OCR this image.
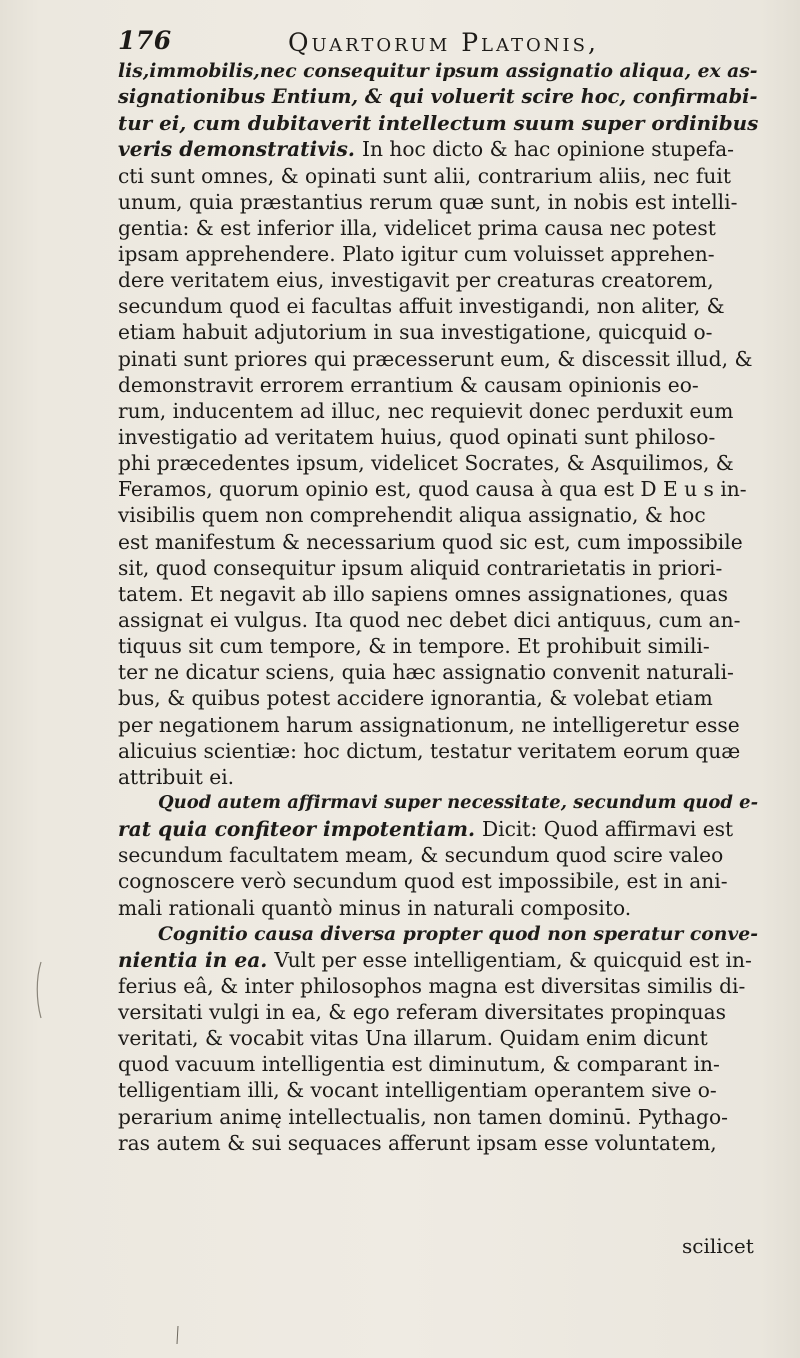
176	Quartorum Platonis,
lis,immobilis,nec consequitur ipsum assignatio aliqua, ex as-
signationibus Entium, & qui voluerit scire hoc, confirmabi-
tur ei, cum dubitaverit intellectum suum super ordinibus
veris demonstrativis. In hoc dicto & hac opinione stupefa-
cti sunt omnes, & opinati sunt alii, contrarium aliis, nec fuit
unum, quia præstantius rerum quæ sunt, in nobis est intelli-
gentia: & est inferior illa, videlicet prima causa nec potest
ipsam apprehendere. Plato igitur cum voluisset apprehen-
dere veritatem eius, investigavit per creaturas creatorem,
secundum quod ei facultas affuit investigandi, non aliter, &
etiam habuit adjutorium in sua investigatione, quicquid o-
pinati sunt priores qui præcesserunt eum, & discessit illud, &
demonstravit errorem errantium & causam opinionis eo-
rum, inducentem ad illuc, nec requievit donec perduxit eum
investigatio ad veritatem huius, quod opinati sunt philoso-
phi præcedentes ipsum, videlicet Socrates, & Asquilimos, &
Feramos, quorum opinio est, quod causa à qua est D E u s in-
visibilis quem non comprehendit aliqua assignatio, & hoc
est manifestum & necessarium quod sic est, cum impossibile
sit, quod consequitur ipsum aliquid contrarietatis in priori-
tatem. Et negavit ab illo sapiens omnes assignationes, quas
assignat ei vulgus. Ita quod nec debet dici antiquus, cum an-
tiquus sit cum tempore, & in tempore. Et prohibuit simili-
ter ne dicatur sciens, quia hæc assignatio convenit naturali-
bus, & quibus potest accidere ignorantia, & volebat etiam
per negationem harum assignationum, ne intelligeretur esse
alicuius scientiæ: hoc dictum, testatur veritatem eorum quæ
attribuit ei.
Quod autem affirmavi super necessitate, secundum quod e-
rat quia confiteor impotentiam. Dicit: Quod affirmavi est
secundum facultatem meam, & secundum quod scire valeo
cognoscere verò secundum quod est impossibile, est in ani-
mali rationali quantò minus in naturali composito.
Cognitio causa diversa propter quod non speratur conve-
nientia in ea. Vult per esse intelligentiam, & quicquid est in-
ferius eâ, & inter philosophos magna est diversitas similis di-
versitati vulgi in ea, & ego referam diversitates propinquas
veritati, & vocabit vitas Una illarum. Quidam enim dicunt
quod vacuum intelligentia est diminutum, & comparant in-
telligentiam illi, & vocant intelligentiam operantem sive o-
perarium animę intellectualis, non tamen dominū. Pythago-
ras autem & sui sequaces afferunt ipsam esse voluntatem,
scilicet
